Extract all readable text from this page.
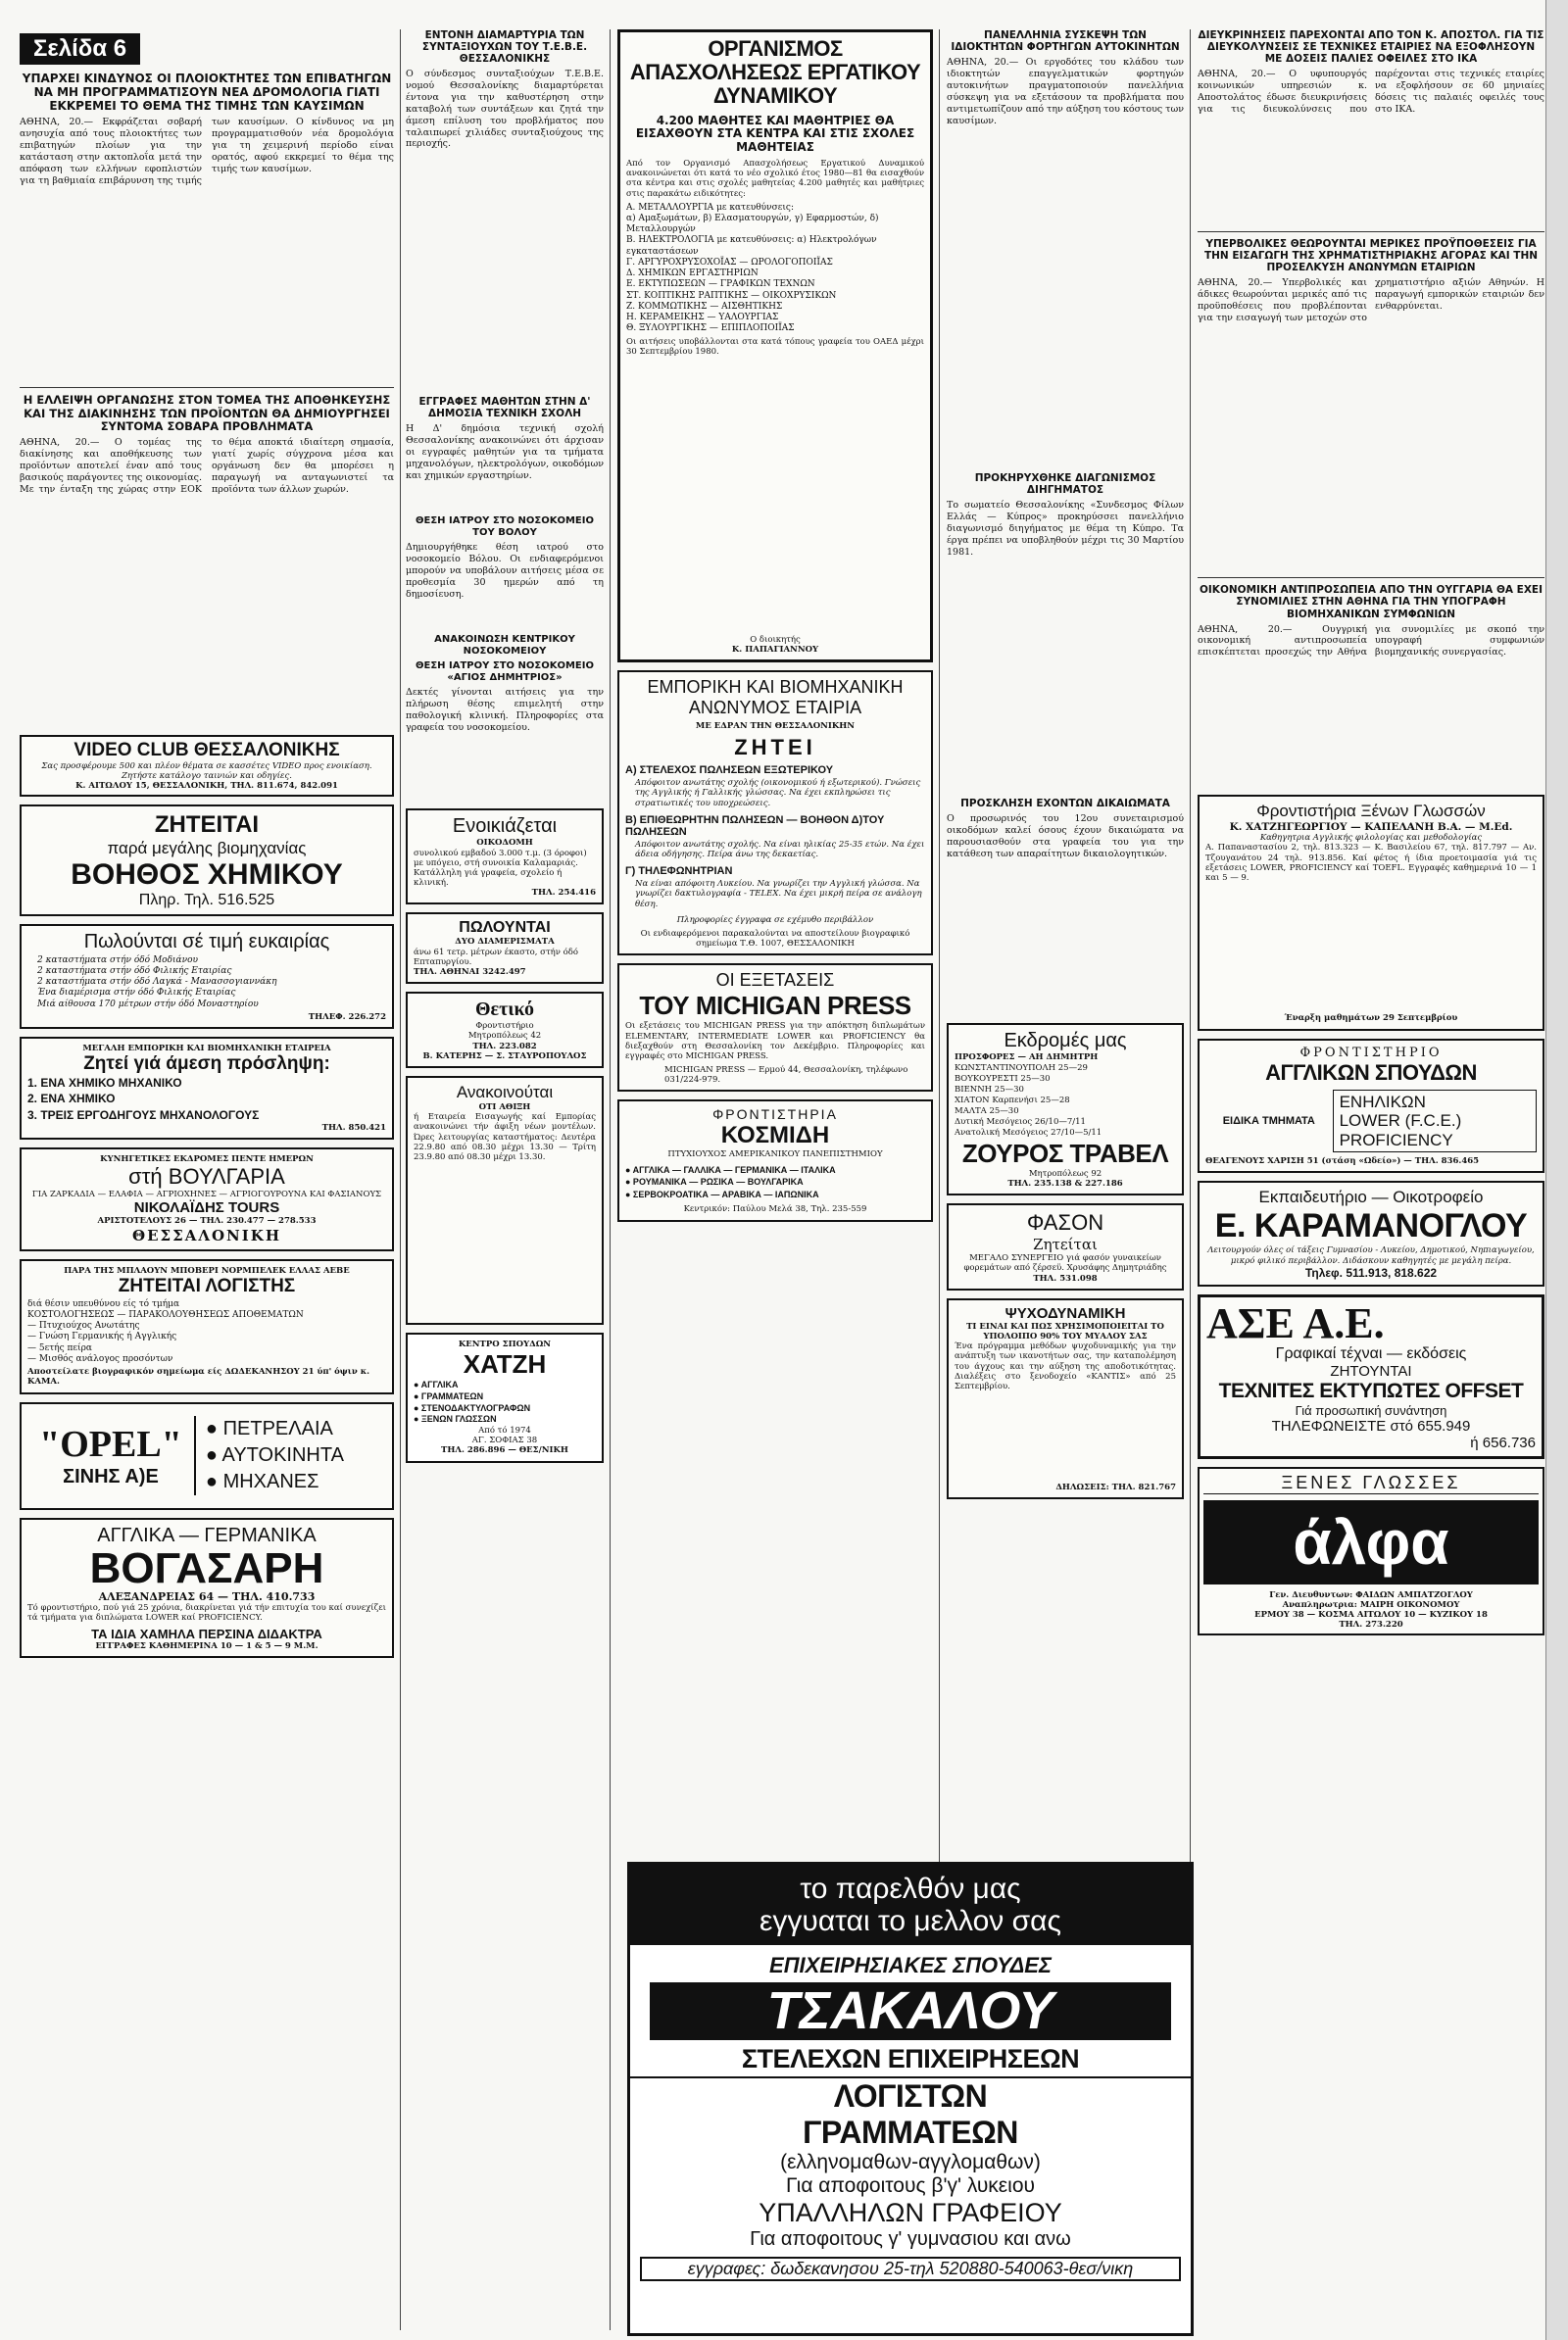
Σελίδα 6
ΥΠΑΡΧΕΙ ΚΙΝΔΥΝΟΣ ΟΙ ΠΛΟΙΟΚΤΗΤΕΣ ΤΩΝ ΕΠΙΒΑΤΗΓΩΝ ΝΑ ΜΗ ΠΡΟΓΡΑΜΜΑΤΙΣΟΥΝ ΝΕΑ ΔΡΟΜΟΛΟΓΙΑ ΓΙΑΤΙ ΕΚΚΡΕΜΕΙ ΤΟ ΘΕΜΑ ΤΗΣ ΤΙΜΗΣ ΤΩΝ ΚΑΥΣΙΜΩΝ

ΑΘΗΝΑ, 20.— Εκφράζεται σοβαρή ανησυχία από τους πλοιοκτήτες των επιβατηγών πλοίων για την κατάσταση στην ακτοπλοΐα μετά την απόφαση των ελλήνων εφοπλιστών για τη βαθμιαία επιβάρυνση της τιμής των καυσίμων. Ο κίνδυνος να μη προγραμματισθούν νέα δρομολόγια για τη χειμερινή περίοδο είναι ορατός, αφού εκκρεμεί το θέμα της τιμής των καυσίμων.

Η ΕΛΛΕΙΨΗ ΟΡΓΑΝΩΣΗΣ ΣΤΟΝ ΤΟΜΕΑ ΤΗΣ ΑΠΟΘΗΚΕΥΣΗΣ ΚΑΙ ΤΗΣ ΔΙΑΚΙΝΗΣΗΣ ΤΩΝ ΠΡΟΪΟΝΤΩΝ ΘΑ ΔΗΜΙΟΥΡΓΗΣΕΙ ΣΥΝΤΟΜΑ ΣΟΒΑΡΑ ΠΡΟΒΛΗΜΑΤΑ

ΑΘΗΝΑ, 20.— Ο τομέας της διακίνησης και αποθήκευσης των προϊόντων αποτελεί έναν από τους βασικούς παράγοντες της οικονομίας. Με την ένταξη της χώρας στην ΕΟΚ το θέμα αποκτά ιδιαίτερη σημασία, γιατί χωρίς σύγχρονα μέσα και οργάνωση δεν θα μπορέσει η παραγωγή να ανταγωνιστεί τα προϊόντα των άλλων χωρών.

VIDEO CLUB ΘΕΣΣΑΛΟΝΙΚΗΣ
Σας προσφέρουμε 500 και πλέον θέματα σε κασσέτες VIDEO προς ενοικίαση. Ζητήστε κατάλογο ταινιών και οδηγίες.
Κ. ΑΙΤΩΛΟΥ 15, ΘΕΣΣΑΛΟΝΙΚΗ, ΤΗΛ. 811.674, 842.091
ΖΗΤΕΙΤΑΙ
παρά μεγάλης βιομηχανίας
ΒΟΗΘΟΣ ΧΗΜΙΚΟΥ
Πληρ. Τηλ. 516.525
Πωλούνται σέ τιμή ευκαιρίας
2 καταστήματα στήν όδό Μοδιάνου
2 καταστήματα στήν όδό Φιλικής Εταιρίας
2 καταστήματα στήν όδό Λαγκά - Μανασσογιαννάκη
Ένα διαμέρισμα στήν όδό Φιλικής Εταιρίας
Μιά αίθουσα 170 μέτρων στήν όδό Μοναστηρίου
ΤΗΛΕΦ. 226.272
ΜΕΓΑΛΗ ΕΜΠΟΡΙΚΗ ΚΑΙ ΒΙΟΜΗΧΑΝΙΚΗ ΕΤΑΙΡΕΙΑ
Ζητεί γιά άμεση πρόσληψη:
1. ΕΝΑ ΧΗΜΙΚΟ ΜΗΧΑΝΙΚΟ
2. ΕΝΑ ΧΗΜΙΚΟ
3. ΤΡΕΙΣ ΕΡΓΟΔΗΓΟΥΣ ΜΗΧΑΝΟΛΟΓΟΥΣ
ΤΗΛ. 850.421
ΚΥΝΗΓΕΤΙΚΕΣ ΕΚΔΡΟΜΕΣ ΠΕΝΤΕ ΗΜΕΡΩΝ
στή ΒΟΥΛΓΑΡΙΑ
ΓΙΑ ΖΑΡΚΑΔΙΑ — ΕΛΑΦΙΑ — ΑΓΡΙΟΧΗΝΕΣ — ΑΓΡΙΟΓΟΥΡΟΥΝΑ ΚΑΙ ΦΑΣΙΑΝΟΥΣ
ΝΙΚΟΛΑΪΔΗΣ TOURS
ΑΡΙΣΤΟΤΕΛΟΥΣ 26 — ΤΗΛ. 230.477 — 278.533
ΘΕΣΣΑΛΟΝΙΚΗ
ΠΑΡΑ ΤΗΣ ΜΠΛΑΟΥΝ ΜΠΟΒΕΡΙ ΝΟΡΜΠΕΛΕΚ ΕΛΛΑΣ ΑΕΒΕ
ΖΗΤΕΙΤΑΙ ΛΟΓΙΣΤΗΣ
διά θέσιν υπευθύνου είς τό τμήμα
ΚΟΣΤΟΛΟΓΗΣΕΩΣ — ΠΑΡΑΚΟΛΟΥΘΗΣΕΩΣ ΑΠΟΘΕΜΑΤΩΝ
— Πτυχιούχος Ανωτάτης
— Γνώση Γερμανικής ή Αγγλικής
— 5ετής πείρα
— Μισθός ανάλογος προσόντων
Αποστείλατε βιογραφικόν σημείωμα είς ΔΩΔΕΚΑΝΗΣΟΥ 21 ύπ' όψιν κ. ΚΑΜΑ.
"OPEL"
ΣΙΝΗΣ Α)Ε
● ΠΕΤΡΕΛΑΙΑ
● ΑΥΤΟΚΙΝΗΤΑ
● ΜΗΧΑΝΕΣ
ΑΓΓΛΙΚΑ — ΓΕΡΜΑΝΙΚΑ
ΒΟΓΑΣΑΡΗ
ΑΛΕΞΑΝΔΡΕΙΑΣ 64 — ΤΗΛ. 410.733
Τό φροντιστήριο, πού γιά 25 χρόνια, διακρίνεται γιά τήν επιτυχία του καί συνεχίζει τά τμήματα για διπλώματα LOWER καί PROFICIENCY.
ΤΑ ΙΔΙΑ ΧΑΜΗΛΑ ΠΕΡΣΙΝΑ ΔΙΔΑΚΤΡΑ
ΕΓΓΡΑΦΕΣ ΚΑΘΗΜΕΡΙΝΑ 10 — 1 & 5 — 9 Μ.Μ.
ΕΝΤΟΝΗ ΔΙΑΜΑΡΤΥΡΙΑ ΤΩΝ ΣΥΝΤΑΞΙΟΥΧΩΝ ΤΟΥ Τ.Ε.Β.Ε. ΘΕΣΣΑΛΟΝΙΚΗΣ

Ο σύνδεσμος συνταξιούχων Τ.Ε.Β.Ε. νομού Θεσσαλονίκης διαμαρτύρεται έντονα για την καθυστέρηση στην καταβολή των συντάξεων και ζητά την άμεση επίλυση του προβλήματος που ταλαιπωρεί χιλιάδες συνταξιούχους της περιοχής.

ΕΓΓΡΑΦΕΣ ΜΑΘΗΤΩΝ ΣΤΗΝ Δ' ΔΗΜΟΣΙΑ ΤΕΧΝΙΚΗ ΣΧΟΛΗ

Η Δ' δημόσια τεχνική σχολή Θεσσαλονίκης ανακοινώνει ότι άρχισαν οι εγγραφές μαθητών για τα τμήματα μηχανολόγων, ηλεκτρολόγων, οικοδόμων και χημικών εργαστηρίων.

ΘΕΣΗ ΙΑΤΡΟΥ ΣΤΟ ΝΟΣΟΚΟΜΕΙΟ ΤΟΥ ΒΟΛΟΥ

Δημιουργήθηκε θέση ιατρού στο νοσοκομείο Βόλου. Οι ενδιαφερόμενοι μπορούν να υποβάλουν αιτήσεις μέσα σε προθεσμία 30 ημερών από τη δημοσίευση.

ΑΝΑΚΟΙΝΩΣΗ ΚΕΝΤΡΙΚΟΥ ΝΟΣΟΚΟΜΕΙΟΥ
ΘΕΣΗ ΙΑΤΡΟΥ ΣΤΟ ΝΟΣΟΚΟΜΕΙΟ «ΑΓΙΟΣ ΔΗΜΗΤΡΙΟΣ»

Δεκτές γίνονται αιτήσεις για την πλήρωση θέσης επιμελητή στην παθολογική κλινική. Πληροφορίες στα γραφεία του νοσοκομείου.

Ενοικιάζεται
ΟΙΚΟΔΟΜΗ
συνολικού εμβαδού 3.000 τ.μ. (3 όροφοι) με υπόγειο, στή συνοικία Καλαμαριάς. Κατάλληλη γιά γραφεία, σχολείο ή κλινική.
ΤΗΛ. 254.416
ΠΩΛΟΥΝΤΑΙ
ΔΥΟ ΔΙΑΜΕΡΙΣΜΑΤΑ
άνω 61 τετρ. μέτρων έκαστο, στήν όδό Επταπυργίου.
ΤΗΛ. ΑΘΗΝΑΙ 3242.497
Θετικό
Φροντιστήριο
Μητροπόλεως 42
ΤΗΛ. 223.082
Β. ΚΑΤΕΡΗΣ — Σ. ΣΤΑΥΡΟΠΟΥΛΟΣ
Ανακοινούται
ΟΤΙ ΑΘΙΞΗ
ή Εταιρεία Εισαγωγής καί Εμπορίας ανακοινώνει τήν άφιξη νέων μοντέλων. Ώρες λειτουργίας καταστήματος: Δευτέρα 22.9.80 από 08.30 μέχρι 13.30 — Τρίτη 23.9.80 από 08.30 μέχρι 13.30.
ΚΕΝΤΡΟ ΣΠΟΥΔΩΝ
ΧΑΤΖΗ
● ΑΓΓΛΙΚΑ
● ΓΡΑΜΜΑΤΕΩΝ
● ΣΤΕΝΟΔΑΚΤΥΛΟΓΡΑΦΩΝ
● ΞΕΝΩΝ ΓΛΩΣΣΩΝ
Από τό 1974
ΑΓ. ΣΟΦΙΑΣ 38
ΤΗΛ. 286.896 — ΘΕΣ/ΝΙΚΗ
ΟΡΓΑΝΙΣΜΟΣ ΑΠΑΣΧΟΛΗΣΕΩΣ ΕΡΓΑΤΙΚΟΥ ΔΥΝΑΜΙΚΟΥ
4.200 ΜΑΘΗΤΕΣ ΚΑΙ ΜΑΘΗΤΡΙΕΣ ΘΑ ΕΙΣΑΧΘΟΥΝ ΣΤΑ ΚΕΝΤΡΑ ΚΑΙ ΣΤΙΣ ΣΧΟΛΕΣ ΜΑΘΗΤΕΙΑΣ

Από τον Οργανισμό Απασχολήσεως Εργατικού Δυναμικού ανακοινώνεται ότι κατά το νέο σχολικό έτος 1980—81 θα εισαχθούν στα κέντρα και στις σχολές μαθητείας 4.200 μαθητές και μαθήτριες στις παρακάτω ειδικότητες:

Α. ΜΕΤΑΛΛΟΥΡΓΙΑ με κατευθύνσεις:
α) Αμαξωμάτων, β) Ελασματουργών, γ) Εφαρμοστών, δ) Μεταλλουργών
Β. ΗΛΕΚΤΡΟΛΟΓΙΑ με κατευθύνσεις: α) Ηλεκτρολόγων εγκαταστάσεων
Γ. ΑΡΓΥΡΟΧΡΥΣΟΧΟΪΑΣ — ΩΡΟΛΟΓΟΠΟΙΪΑΣ
Δ. ΧΗΜΙΚΩΝ ΕΡΓΑΣΤΗΡΙΩΝ
Ε. ΕΚΤΥΠΩΣΕΩΝ — ΓΡΑΦΙΚΩΝ ΤΕΧΝΩΝ
ΣΤ. ΚΟΠΤΙΚΗΣ ΡΑΠΤΙΚΗΣ — ΟΙΚΟΧΡΥΣΙΚΩΝ
Ζ. ΚΟΜΜΩΤΙΚΗΣ — ΑΙΣΘΗΤΙΚΗΣ
Η. ΚΕΡΑΜΕΙΚΗΣ — ΥΑΛΟΥΡΓΙΑΣ
Θ. ΞΥΛΟΥΡΓΙΚΗΣ — ΕΠΙΠΛΟΠΟΙΪΑΣ

Οι αιτήσεις υποβάλλονται στα κατά τόπους γραφεία του ΟΑΕΔ μέχρι 30 Σεπτεμβρίου 1980.

Ο διοικητής
Κ. ΠΑΠΑΓΙΑΝΝΟΥ
ΕΜΠΟΡΙΚΗ ΚΑΙ ΒΙΟΜΗΧΑΝΙΚΗ ΑΝΩΝΥΜΟΣ ΕΤΑΙΡΙΑ
ΜΕ ΕΔΡΑΝ ΤΗΝ ΘΕΣΣΑΛΟΝΙΚΗΝ
ΖΗΤΕΙ
Α) ΣΤΕΛΕΧΟΣ ΠΩΛΗΣΕΩΝ ΕΞΩΤΕΡΙΚΟΥ
Απόφοιτον ανωτάτης σχολής (οικονομικού ή εξωτερικού). Γνώσεις της Αγγλικής ή Γαλλικής γλώσσας. Να έχει εκπληρώσει τις στρατιωτικές του υποχρεώσεις.
Β) ΕΠΙΘΕΩΡΗΤΗΝ ΠΩΛΗΣΕΩΝ — ΒΟΗΘΟΝ Δ)ΤΟΥ ΠΩΛΗΣΕΩΝ
Απόφοιτον ανωτάτης σχολής. Να είναι ηλικίας 25-35 ετών. Να έχει άδεια οδήγησης. Πείρα άνω της δεκαετίας.
Γ) ΤΗΛΕΦΩΝΗΤΡΙΑΝ
Να είναι απόφοιτη Λυκείου. Να γνωρίζει την Αγγλική γλώσσα. Να γνωρίζει δακτυλογραφία - TELEX. Να έχει μικρή πείρα σε ανάλογη θέση.
Πληροφορίες έγγραφα σε εχέμυθο περιβάλλον
Οι ενδιαφερόμενοι παρακαλούνται να αποστείλουν βιογραφικό σημείωμα Τ.Θ. 1007, ΘΕΣΣΑΛΟΝΙΚΗ
ΟΙ ΕΞΕΤΑΣΕΙΣ
ΤΟΥ MICHIGAN PRESS

Οι εξετάσεις του MICHIGAN PRESS για την απόκτηση διπλωμάτων ELEMENTARY, INTERMEDIATE LOWER και PROFICIENCY θα διεξαχθούν στη Θεσσαλονίκη τον Δεκέμβριο. Πληροφορίες και εγγραφές στο MICHIGAN PRESS.

MICHIGAN PRESS — Ερμού 44, Θεσσαλονίκη, τηλέφωνο 031/224-979.
ΦΡΟΝΤΙΣΤΗΡΙΑ
ΚΟΣΜΙΔΗ
ΠΤΥΧΙΟΥΧΟΣ ΑΜΕΡΙΚΑΝΙΚΟΥ ΠΑΝΕΠΙΣΤΗΜΙΟΥ
● ΑΓΓΛΙΚΑ — ΓΑΛΛΙΚΑ — ΓΕΡΜΑΝΙΚΑ — ΙΤΑΛΙΚΑ
● ΡΟΥΜΑΝΙΚΑ — ΡΩΣΙΚΑ — ΒΟΥΛΓΑΡΙΚΑ
● ΣΕΡΒΟΚΡΟΑΤΙΚΑ — ΑΡΑΒΙΚΑ — ΙΑΠΩΝΙΚΑ
Κεντρικόν: Παύλου Μελά 38, Τηλ. 235-559
ΠΑΝΕΛΛΗΝΙΑ ΣΥΣΚΕΨΗ ΤΩΝ ΙΔΙΟΚΤΗΤΩΝ ΦΟΡΤΗΓΩΝ ΑΥΤΟΚΙΝΗΤΩΝ

ΑΘΗΝΑ, 20.— Οι εργοδότες του κλάδου των ιδιοκτητών επαγγελματικών φορτηγών αυτοκινήτων πραγματοποιούν πανελλήνια σύσκεψη για να εξετάσουν τα προβλήματα που αντιμετωπίζουν από την αύξηση του κόστους των καυσίμων.

ΠΡΟΚΗΡΥΧΘΗΚΕ ΔΙΑΓΩΝΙΣΜΟΣ ΔΙΗΓΗΜΑΤΟΣ

Το σωματείο Θεσσαλονίκης «Συνδεσμος Φίλων Ελλάς — Κύπρος» προκηρύσσει πανελλήνιο διαγωνισμό διηγήματος με θέμα τη Κύπρο. Τα έργα πρέπει να υποβληθούν μέχρι τις 30 Μαρτίου 1981.

ΠΡΟΣΚΛΗΣΗ ΕΧΟΝΤΩΝ ΔΙΚΑΙΩΜΑΤΑ

Ο προσωρινός του 12ου συνεταιρισμού οικοδόμων καλεί όσους έχουν δικαιώματα να παρουσιασθούν στα γραφεία του για την κατάθεση των απαραίτητων δικαιολογητικών.

Εκδρομές μας
ΠΡΟΣΦΟΡΕΣ — ΑΗ ΔΗΜΗΤΡΗ
ΚΩΝΣΤΑΝΤΙΝΟΥΠΟΛΗ 25—29
ΒΟΥΚΟΥΡΕΣΤΙ 25—30
ΒΙΕΝΝΗ 25—30
ΧΙΑΤΟΝ Καρπενήσι 25—28
ΜΑΛΤΑ 25—30
Δυτική Μεσόγειος 26/10—7/11
Ανατολική Μεσόγειος 27/10—5/11
ΖΟΥΡΟΣ ΤΡΑΒΕΛ
Μητροπόλεως 92
ΤΗΛ. 235.138 & 227.186
ΦΑΣΟΝ
Ζητείται
ΜΕΓΑΛΟ ΣΥΝΕΡΓΕΙΟ γιά φασόν γυναικείων φορεμάτων από ζέρσεϋ. Χρυσάφης Δημητριάδης
ΤΗΛ. 531.098
ΨΥΧΟΔΥΝΑΜΙΚΗ
ΤΙ ΕΙΝΑΙ ΚΑΙ ΠΩΣ ΧΡΗΣΙΜΟΠΟΙΕΙΤΑΙ ΤΟ ΥΠΟΛΟΙΠΟ 90% ΤΟΥ ΜΥΑΛΟΥ ΣΑΣ

Ένα πρόγραμμα μεθόδων ψυχοδυναμικής για την ανάπτυξη των ικανοτήτων σας, την καταπολέμηση του άγχους και την αύξηση της αποδοτικότητας. Διαλέξεις στο ξενοδοχείο «ΚΑΝΤΙΣ» από 25 Σεπτεμβρίου.

ΔΗΛΩΣΕΙΣ: ΤΗΛ. 821.767
ΔΙΕΥΚΡΙΝΗΣΕΙΣ ΠΑΡΕΧΟΝΤΑΙ ΑΠΟ ΤΟΝ Κ. ΑΠΟΣΤΟΛ. ΓΙΑ ΤΙΣ ΔΙΕΥΚΟΛΥΝΣΕΙΣ ΣΕ ΤΕΧΝΙΚΕΣ ΕΤΑΙΡΙΕΣ ΝΑ ΕΞΟΦΛΗΣΟΥΝ ΜΕ ΔΟΣΕΙΣ ΠΑΛΙΕΣ ΟΦΕΙΛΕΣ ΣΤΟ ΙΚΑ

ΑΘΗΝΑ, 20.— Ο υφυπουργός κοινωνικών υπηρεσιών κ. Αποστολάτος έδωσε διευκρινήσεις για τις διευκολύνσεις που παρέχονται στις τεχνικές εταιρίες να εξοφλήσουν σε 60 μηνιαίες δόσεις τις παλαιές οφειλές τους στο ΙΚΑ.

ΥΠΕΡΒΟΛΙΚΕΣ ΘΕΩΡΟΥΝΤΑΙ ΜΕΡΙΚΕΣ ΠΡΟΫΠΟΘΕΣΕΙΣ ΓΙΑ ΤΗΝ ΕΙΣΑΓΩΓΗ ΤΗΣ ΧΡΗΜΑΤΙΣΤΗΡΙΑΚΗΣ ΑΓΟΡΑΣ ΚΑΙ ΤΗΝ ΠΡΟΣΕΛΚΥΣΗ ΑΝΩΝΥΜΩΝ ΕΤΑΙΡΙΩΝ

ΑΘΗΝΑ, 20.— Υπερβολικές και άδικες θεωρούνται μερικές από τις προϋποθέσεις που προβλέπονται για την εισαγωγή των μετοχών στο χρηματιστήριο αξιών Αθηνών. Η παραγωγή εμπορικών εταιριών δεν ενθαρρύνεται.

ΟΙΚΟΝΟΜΙΚΗ ΑΝΤΙΠΡΟΣΩΠΕΙΑ ΑΠΟ ΤΗΝ ΟΥΓΓΑΡΙΑ ΘΑ ΕΧΕΙ ΣΥΝΟΜΙΛΙΕΣ ΣΤΗΝ ΑΘΗΝΑ ΓΙΑ ΤΗΝ ΥΠΟΓΡΑΦΗ ΒΙΟΜΗΧΑΝΙΚΩΝ ΣΥΜΦΩΝΙΩΝ

ΑΘΗΝΑ, 20.— Ουγγρική οικονομική αντιπροσωπεία επισκέπτεται προσεχώς την Αθήνα για συνομιλίες με σκοπό την υπογραφή συμφωνιών βιομηχανικής συνεργασίας.

Φροντιστήρια Ξένων Γλωσσών
Κ. ΧΑΤΖΗΓΕΩΡΓΙΟΥ — ΚΑΠΕΛΑΝΗ Β.Α. — M.Ed.
Καθηγητρια Αγγλικής φιλολογίας και μεθοδολογίας

Α. Παπαναστασίου 2, τηλ. 813.323 — Κ. Βασιλείου 67, τηλ. 817.797 — Αν. Τζουγανάτου 24 τηλ. 913.856. Καί φέτος ή ίδια προετοιμασία γιά τις εξετάσεις LOWER, PROFICIENCY καί TOEFL. Εγγραφές καθημερινά 10 — 1 και 5 — 9.

Έναρξη μαθημάτων 29 Σεπτεμβρίου
ΦΡΟΝΤΙΣΤΗΡΙΟ
ΑΓΓΛΙΚΩΝ ΣΠΟΥΔΩΝ
ΕΙΔΙΚΑ ΤΜΗΜΑΤΑ
ΕΝΗΛΙΚΩΝ
LOWER (F.C.E.)
PROFICIENCY
ΘΕΑΓΕΝΟΥΣ ΧΑΡΙΣΗ 51 (στάση «Ωδείο») — ΤΗΛ. 836.465
Εκπαιδευτήριο — Οικοτροφείο
Ε. ΚΑΡΑΜΑΝΟΓΛΟΥ
Λειτουργούν όλες οί τάξεις Γυμνασίου - Λυκείου, Δημοτικού, Νηπιαγωγείου, μικρό φιλικό περιβάλλον. Διδάσκουν καθηγητές με μεγάλη πείρα.
Τηλεφ. 511.913, 818.622
ΑΣΕ Α.Ε.
Γραφικαί τέχναι — εκδόσεις
ΖΗΤΟΥΝΤΑΙ
ΤΕΧΝΙΤΕΣ ΕΚΤΥΠΩΤΕΣ OFFSET
Γιά προσωπική συνάντηση
ΤΗΛΕΦΩΝΕΙΣΤΕ στό 655.949
ή 656.736
ΞΕΝΕΣ ΓΛΩΣΣΕΣ
άλφα
Γεν. Διευθυντων: ΦΑΙΔΩΝ ΑΜΠΑΤΖΟΓΛΟΥ
Αναπληρωτρια: ΜΑΙΡΗ ΟΙΚΟΝΟΜΟΥ
ΕΡΜΟΥ 38 — ΚΟΣΜΑ ΑΙΤΩΛΟΥ 10 — ΚΥΖΙΚΟΥ 18
ΤΗΛ. 273.220
το παρελθόν μας
εγγυαται το μελλον σας
ΕΠΙΧΕΙΡΗΣΙΑΚΕΣ ΣΠΟΥΔΕΣ
ΤΣΑΚΑΛΟΥ
ΣΤΕΛΕΧΩΝ ΕΠΙΧΕΙΡΗΣΕΩΝ
ΛΟΓΙΣΤΩΝ
ΓΡΑΜΜΑΤΕΩΝ
(ελληνομαθων-αγγλομαθων)
Για αποφοιτους β'γ' λυκειου
ΥΠΑΛΛΗΛΩΝ ΓΡΑΦΕΙΟΥ
Για αποφοιτους γ' γυμνασιου και ανω
εγγραφες: δωδεκανησου 25-τηλ 520880-540063-θεσ/νικη
